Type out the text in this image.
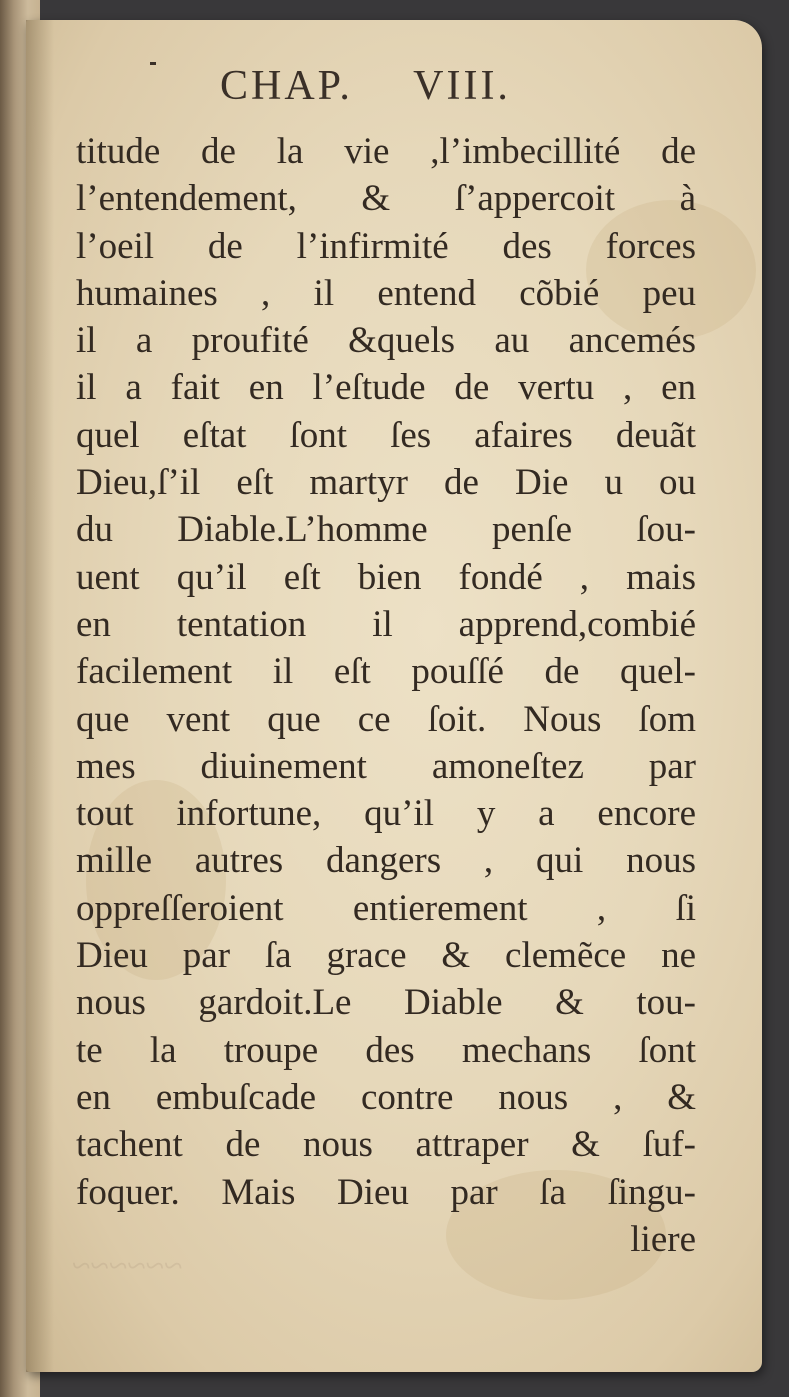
CHAP. VIII.
titude de la vie ,l’imbecillité de
l’entendement, & ſ’appercoit à
l’oeil de l’infirmité des forces
humaines , il entend cõbié peu
il a proufité &quels au ancemés
il a fait en l’eſtude de vertu , en
quel eſtat ſont ſes afaires deuãt
Dieu,ſ’il eſt martyr de Die u ou
du Diable.L’homme penſe ſou-
uent qu’il eſt bien fondé , mais
en tentation il apprend,combié
facilement il eſt pouſſé de quel-
que vent que ce ſoit. Nous ſom
mes diuinement amoneſtez par
tout infortune, qu’il y a encore
mille autres dangers , qui nous
oppreſſeroient entierement , ſi
Dieu par ſa grace & clemẽce ne
nous gardoit.Le Diable & tou-
te la troupe des mechans ſont
en embuſcade contre nous , &
tachent de nous attraper & ſuf-
foquer. Mais Dieu par ſa ſingu-
liere
~~~~~~
